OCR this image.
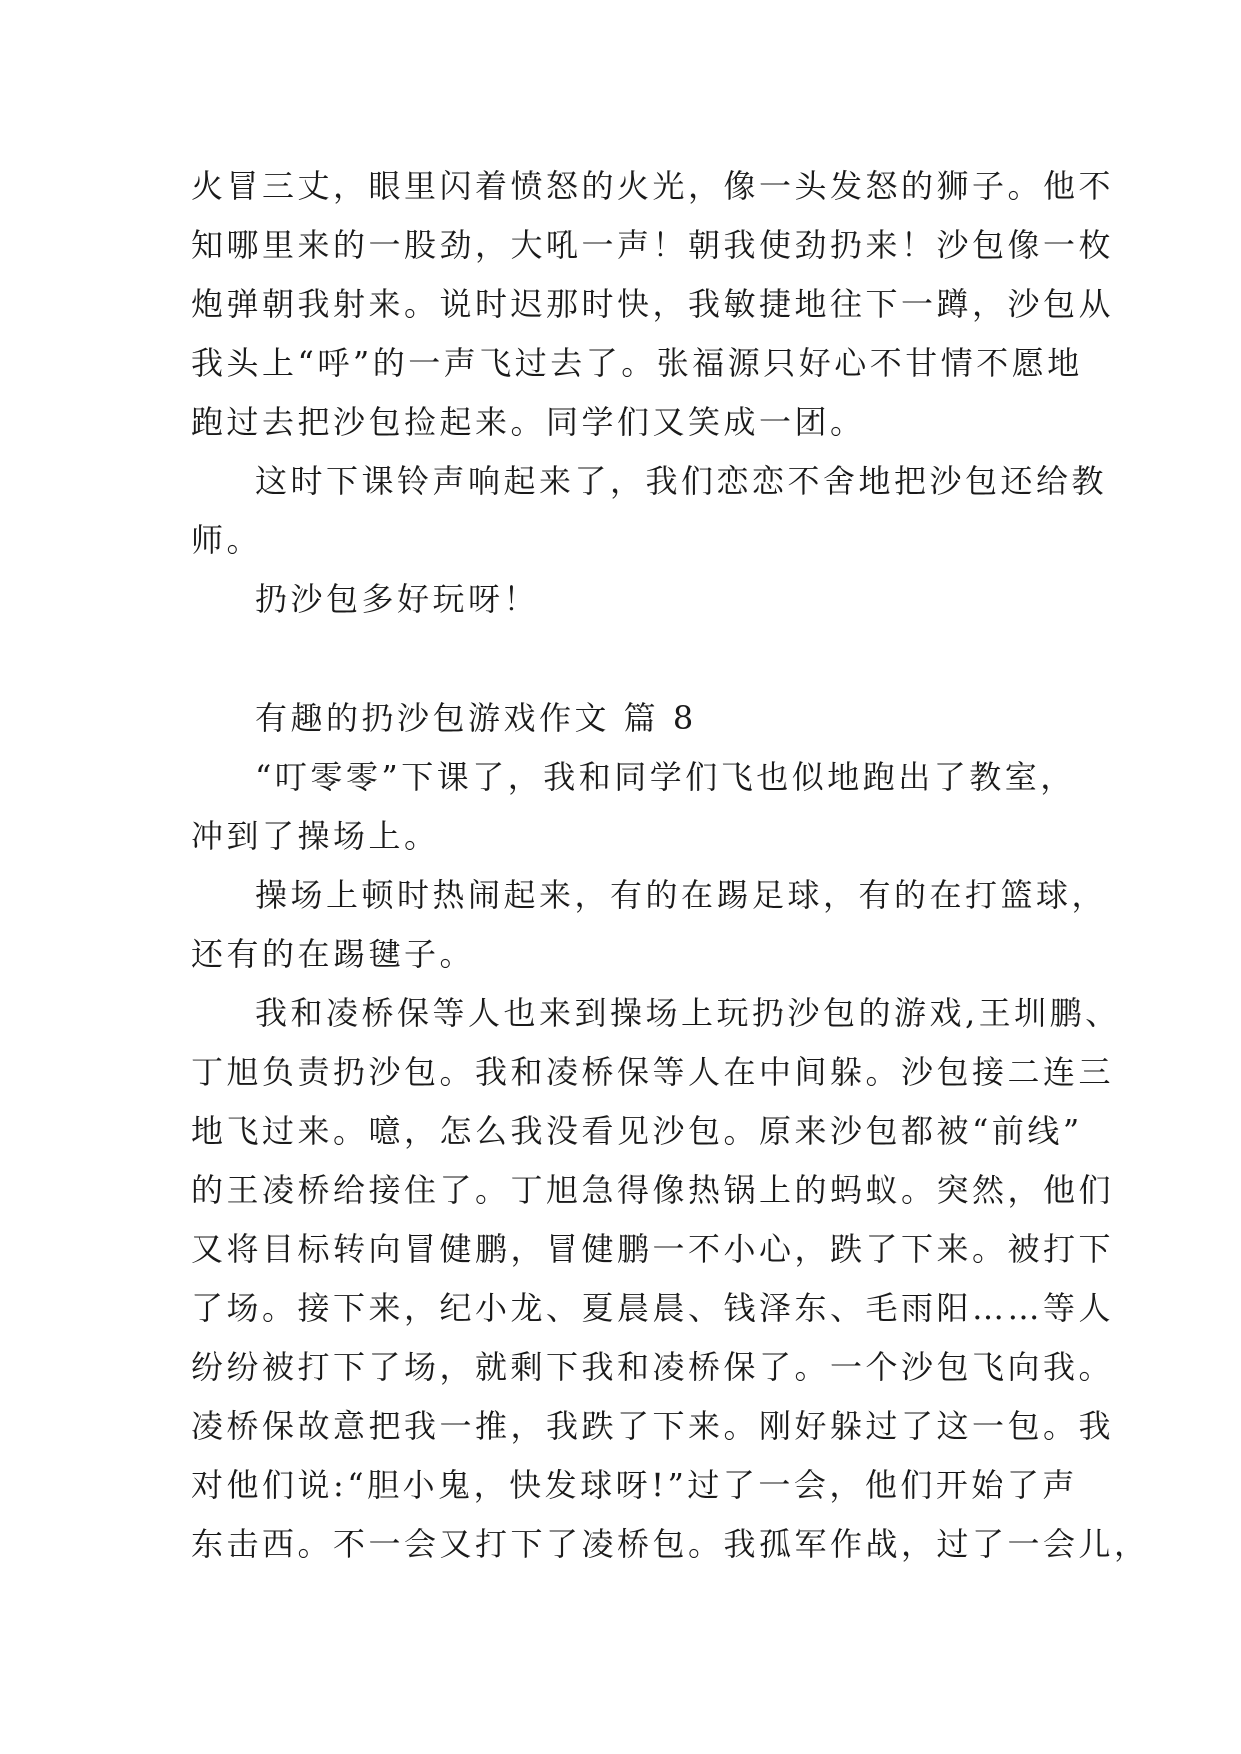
火冒三丈，眼里闪着愤怒的火光，像一头发怒的狮子。他不
知哪里来的一股劲，大吼一声！朝我使劲扔来！沙包像一枚
炮弹朝我射来。说时迟那时快，我敏捷地往下一蹲，沙包从
我头上“呼”的一声飞过去了。张福源只好心不甘情不愿地
跑过去把沙包捡起来。同学们又笑成一团。
这时下课铃声响起来了，我们恋恋不舍地把沙包还给教
师。
扔沙包多好玩呀！
有趣的扔沙包游戏作文 篇 8
“叮零零”下课了，我和同学们飞也似地跑出了教室，
冲到了操场上。
操场上顿时热闹起来，有的在踢足球，有的在打篮球，
还有的在踢毽子。
我和凌桥保等人也来到操场上玩扔沙包的游戏,王圳鹏、
丁旭负责扔沙包。我和凌桥保等人在中间躲。沙包接二连三
地飞过来。噫，怎么我没看见沙包。原来沙包都被“前线”
的王凌桥给接住了。丁旭急得像热锅上的蚂蚁。突然，他们
又将目标转向冒健鹏，冒健鹏一不小心，跌了下来。被打下
了场。接下来，纪小龙、夏晨晨、钱泽东、毛雨阳……等人
纷纷被打下了场，就剩下我和凌桥保了。一个沙包飞向我。
凌桥保故意把我一推，我跌了下来。刚好躲过了这一包。我
对他们说:“胆小鬼，快发球呀!”过了一会，他们开始了声
东击西。不一会又打下了凌桥包。我孤军作战，过了一会儿，
